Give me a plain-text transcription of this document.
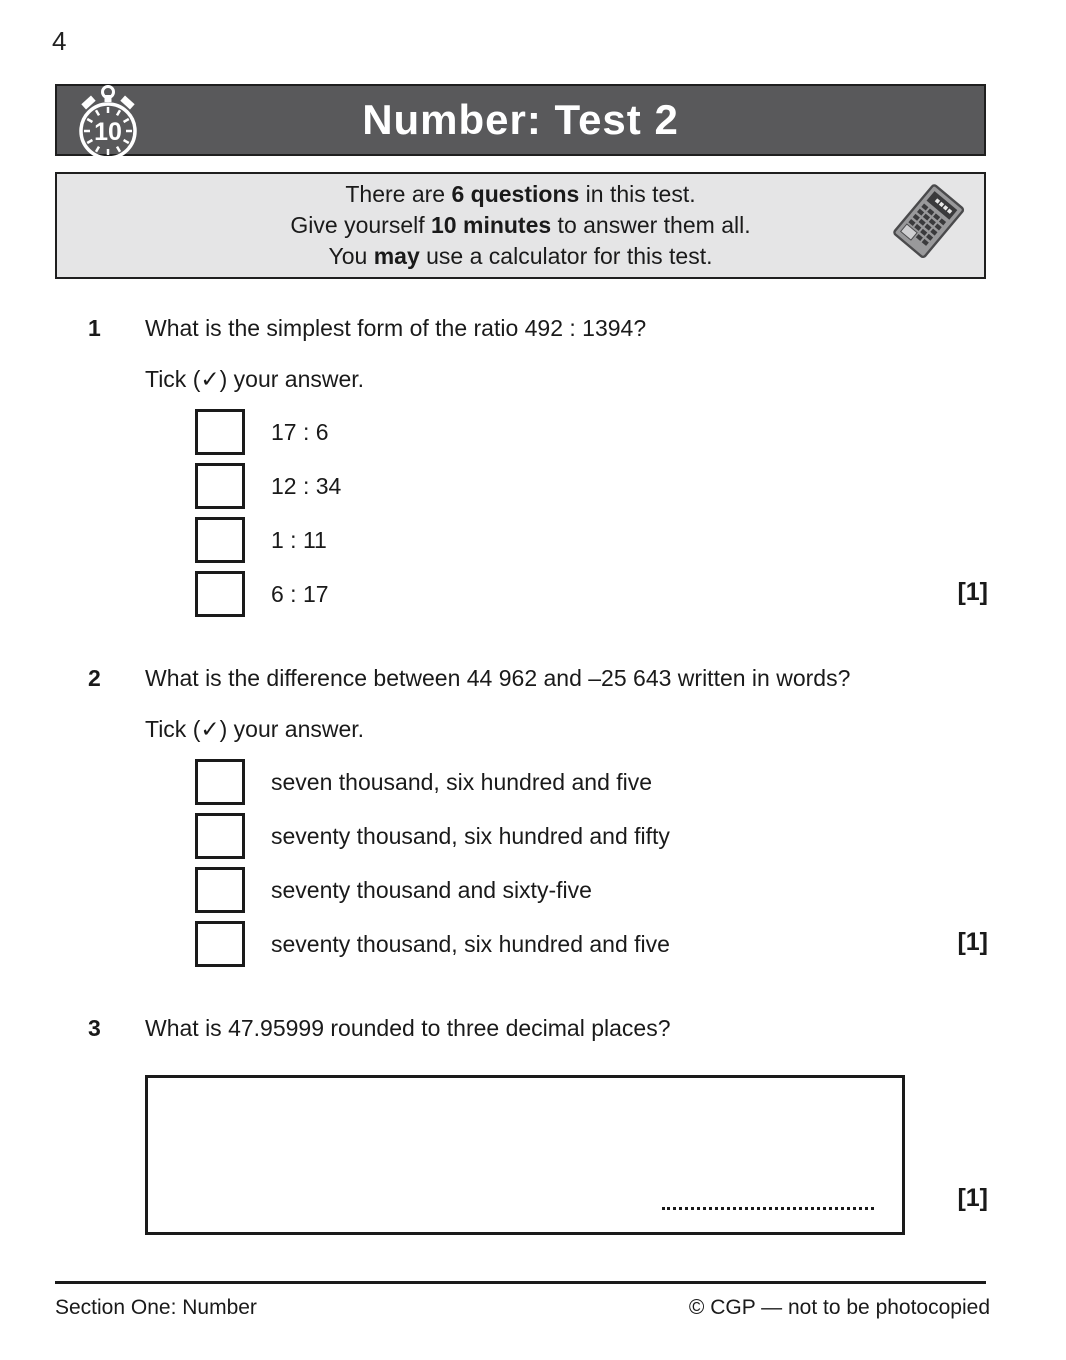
4
Number: Test 2
10
There are 6 questions in this test.
Give yourself 10 minutes to answer them all.
You may use a calculator for this test.
1 What is the simplest form of the ratio 492 : 1394?
Tick (✓) your answer.
17 : 6
12 : 34
1 : 11
6 : 17	[1]
2 What is the difference between 44 962 and –25 643 written in words?
Tick (✓) your answer.
seven thousand, six hundred and five
seventy thousand, six hundred and fifty
seventy thousand and sixty-five
seventy thousand, six hundred and five	[1]
3 What is 47.95999 rounded to three decimal places?
[1]
Section One: Number	© CGP — not to be photocopied
